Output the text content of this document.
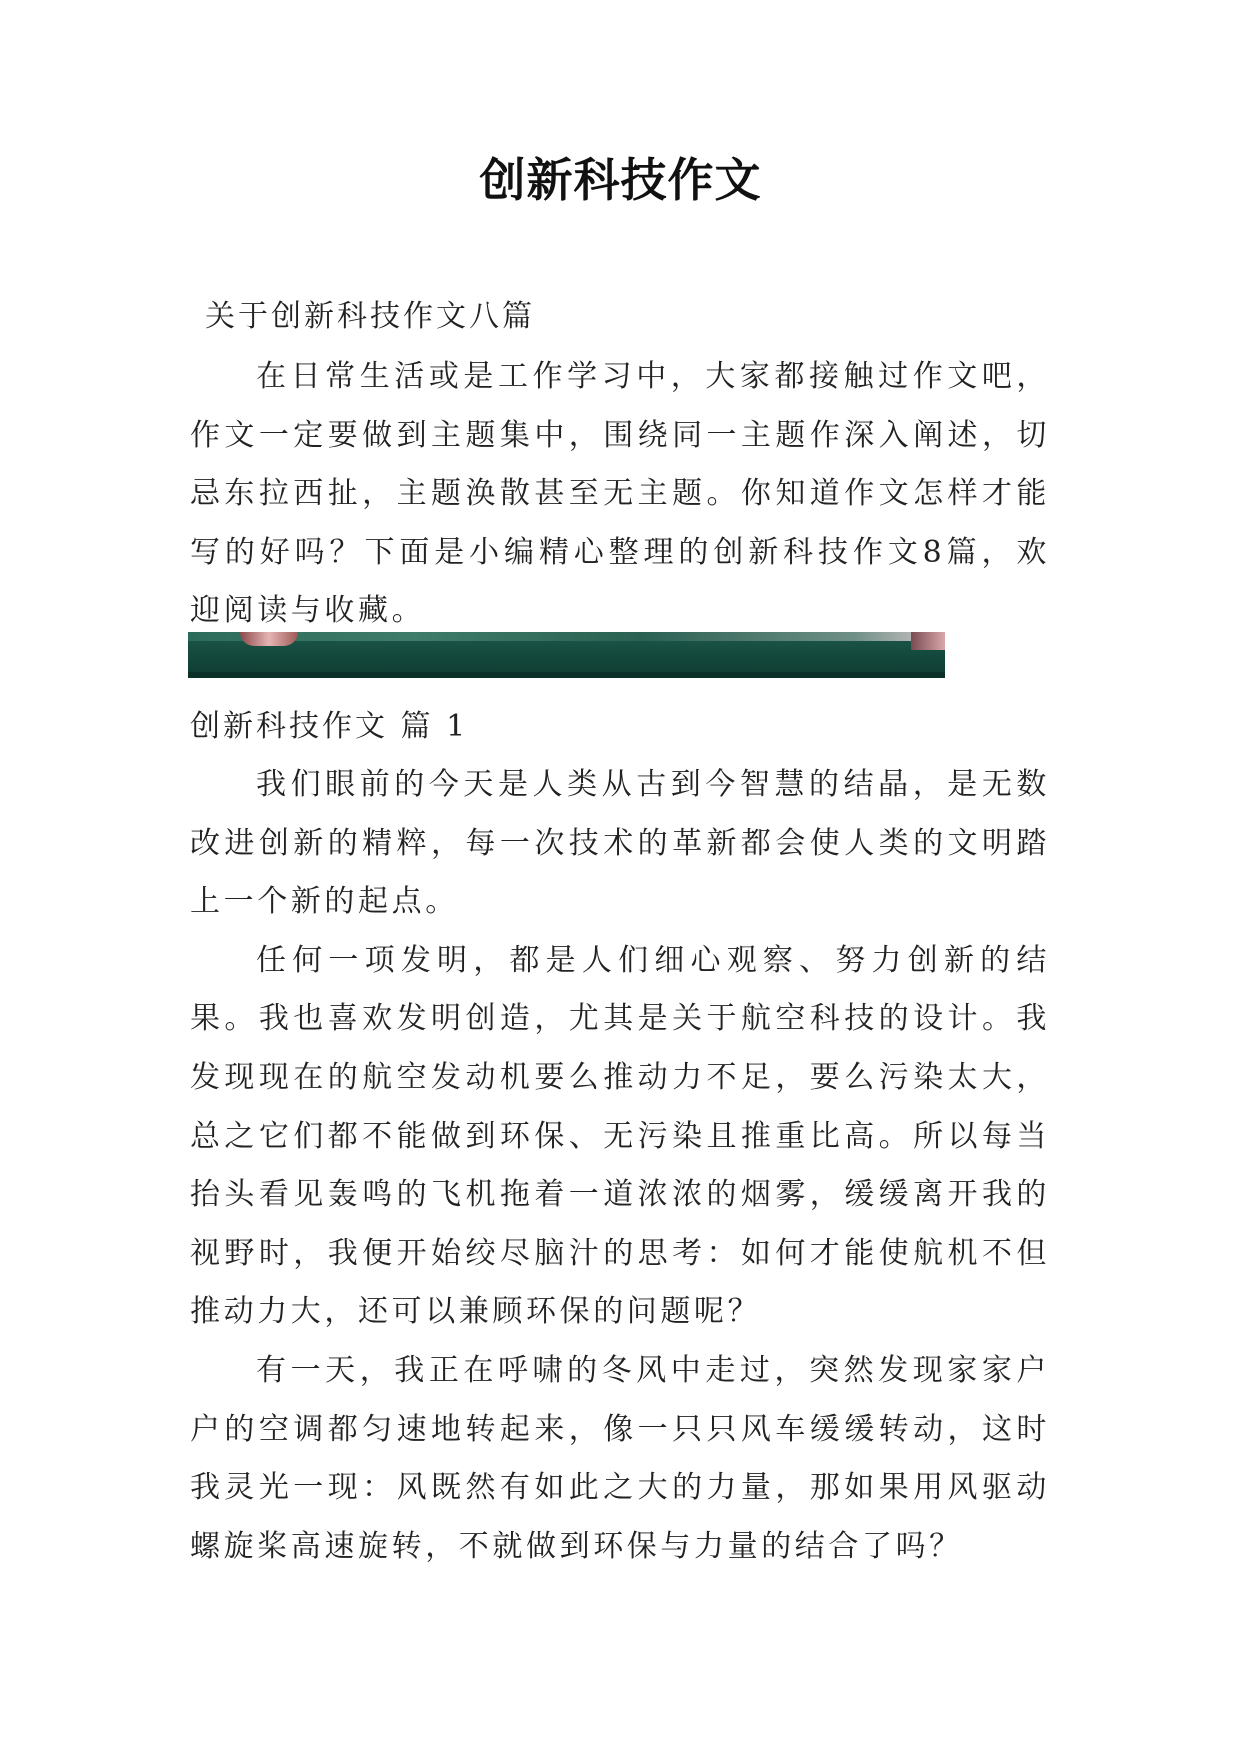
创新科技作文
关于创新科技作文八篇

在日常生活或是工作学习中，大家都接触过作文吧，作文一定要做到主题集中，围绕同一主题作深入阐述，切忌东拉西扯，主题涣散甚至无主题。你知道作文怎样才能写的好吗？下面是小编精心整理的创新科技作文8篇，欢迎阅读与收藏。

创新科技作文 篇 1

我们眼前的今天是人类从古到今智慧的结晶，是无数改进创新的精粹，每一次技术的革新都会使人类的文明踏上一个新的起点。

任何一项发明，都是人们细心观察、努力创新的结果。我也喜欢发明创造，尤其是关于航空科技的设计。我发现现在的航空发动机要么推动力不足，要么污染太大，总之它们都不能做到环保、无污染且推重比高。所以每当抬头看见轰鸣的飞机拖着一道浓浓的烟雾，缓缓离开我的视野时，我便开始绞尽脑汁的思考：如何才能使航机不但推动力大，还可以兼顾环保的问题呢？

有一天，我正在呼啸的冬风中走过，突然发现家家户户的空调都匀速地转起来，像一只只风车缓缓转动，这时我灵光一现：风既然有如此之大的力量，那如果用风驱动螺旋桨高速旋转，不就做到环保与力量的结合了吗？
